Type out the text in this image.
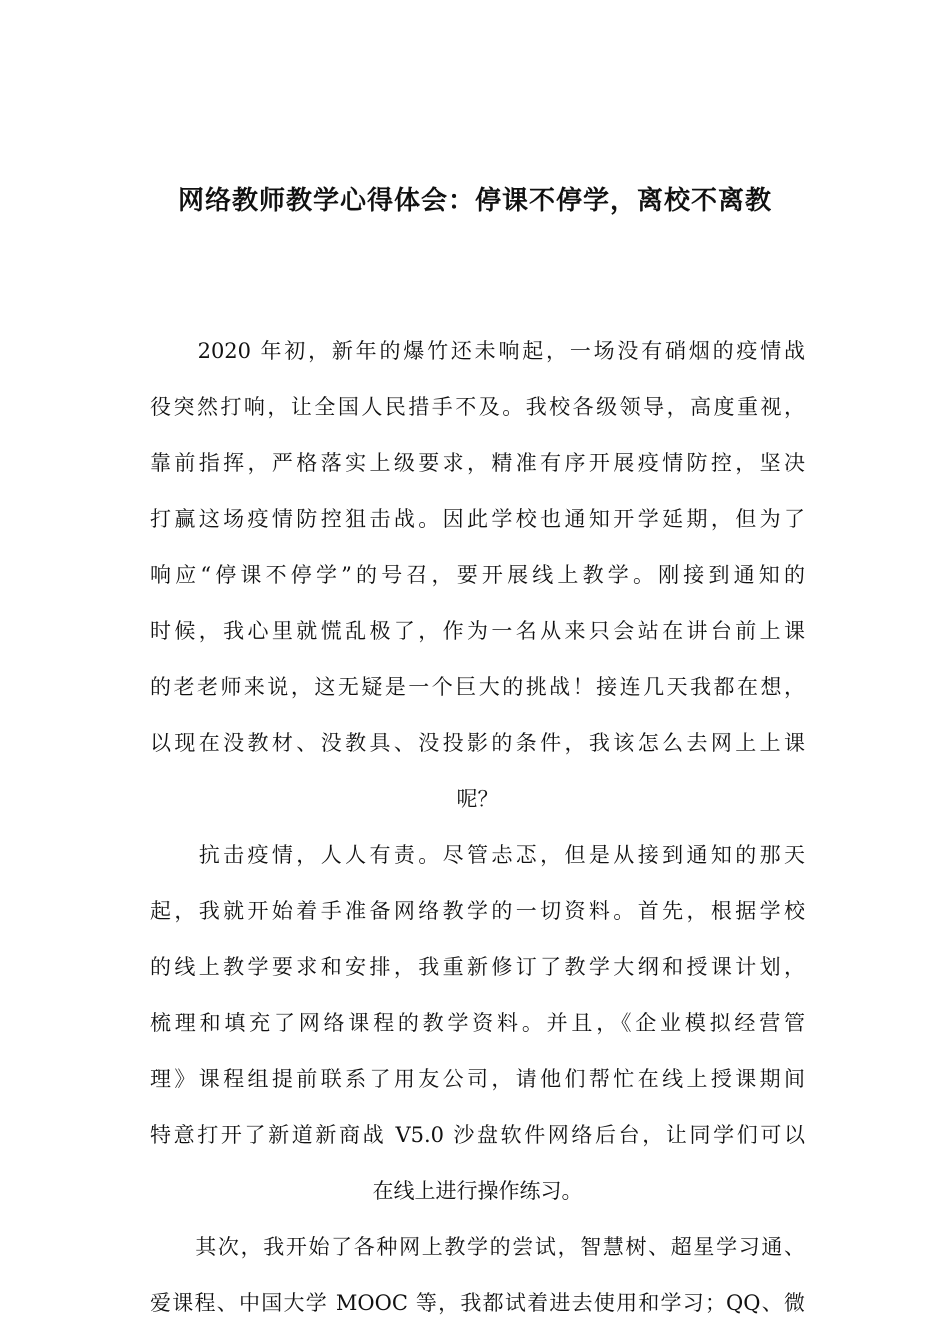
网络教师教学心得体会：停课不停学，离校不离教
　　2020 年初，新年的爆竹还未响起，一场没有硝烟的疫情战
役突然打响，让全国人民措手不及。我校各级领导，高度重视，
靠前指挥，严格落实上级要求，精准有序开展疫情防控，坚决
打赢这场疫情防控狙击战。因此学校也通知开学延期，但为了
响应“停课不停学”的号召，要开展线上教学。刚接到通知的
时候，我心里就慌乱极了，作为一名从来只会站在讲台前上课
的老老师来说，这无疑是一个巨大的挑战！接连几天我都在想，
以现在没教材、没教具、没投影的条件，我该怎么去网上上课
呢？
　　抗击疫情，人人有责。尽管忐忑，但是从接到通知的那天
起，我就开始着手准备网络教学的一切资料。首先，根据学校
的线上教学要求和安排，我重新修订了教学大纲和授课计划，
梳理和填充了网络课程的教学资料。并且，《企业模拟经营管
理》课程组提前联系了用友公司，请他们帮忙在线上授课期间
特意打开了新道新商战 V5.0 沙盘软件网络后台，让同学们可以
在线上进行操作练习。
　　其次，我开始了各种网上教学的尝试，智慧树、超星学习通、
爱课程、中国大学 MOOC 等，我都试着进去使用和学习；QQ、微
